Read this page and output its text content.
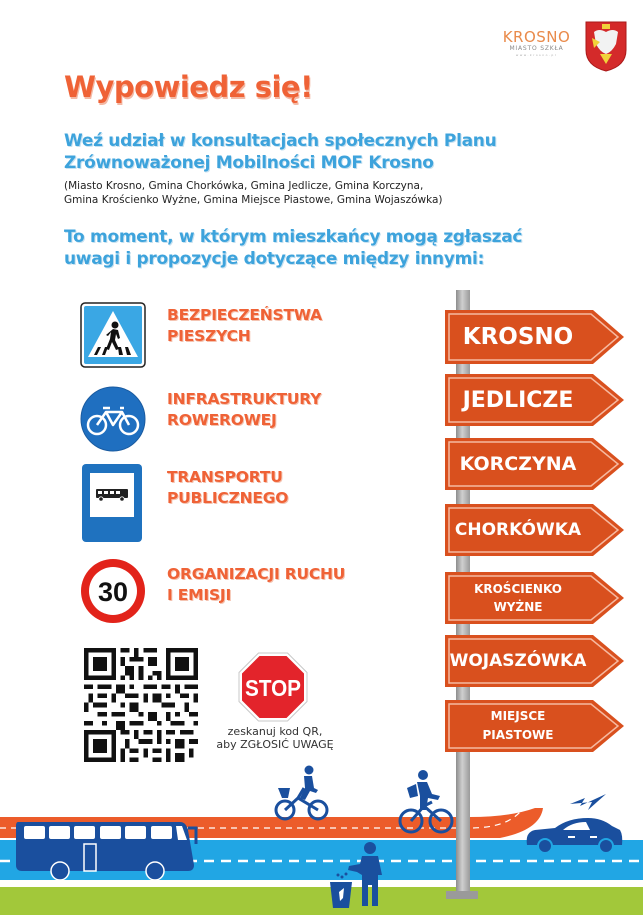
KROSNO
MIASTO SZKŁA
www.krosno.pl
Wypowiedz się!
Weź udział w konsultacjach społecznych Planu
Zrównoważonej Mobilności MOF Krosno
(Miasto Krosno, Gmina Chorkówka, Gmina Jedlicze, Gmina Korczyna,
Gmina Krościenko Wyżne, Gmina Miejsce Piastowe, Gmina Wojaszówka)
To moment, w którym mieszkańcy mogą zgłaszać
uwagi i propozycje dotyczące między innymi:
BEZPIECZEŃSTWA
PIESZYCH
INFRASTRUKTURY
ROWEROWEJ
TRANSPORTU
PUBLICZNEGO
30
ORGANIZACJI RUCHU
I EMISJI
STOP
zeskanuj kod QR,
aby ZGŁOSIĆ UWAGĘ
KROSNO
JEDLICZE
KORCZYNA
CHORKÓWKA
KROŚCIENKO
WYŻNE
WOJASZÓWKA
MIEJSCE
PIASTOWE
